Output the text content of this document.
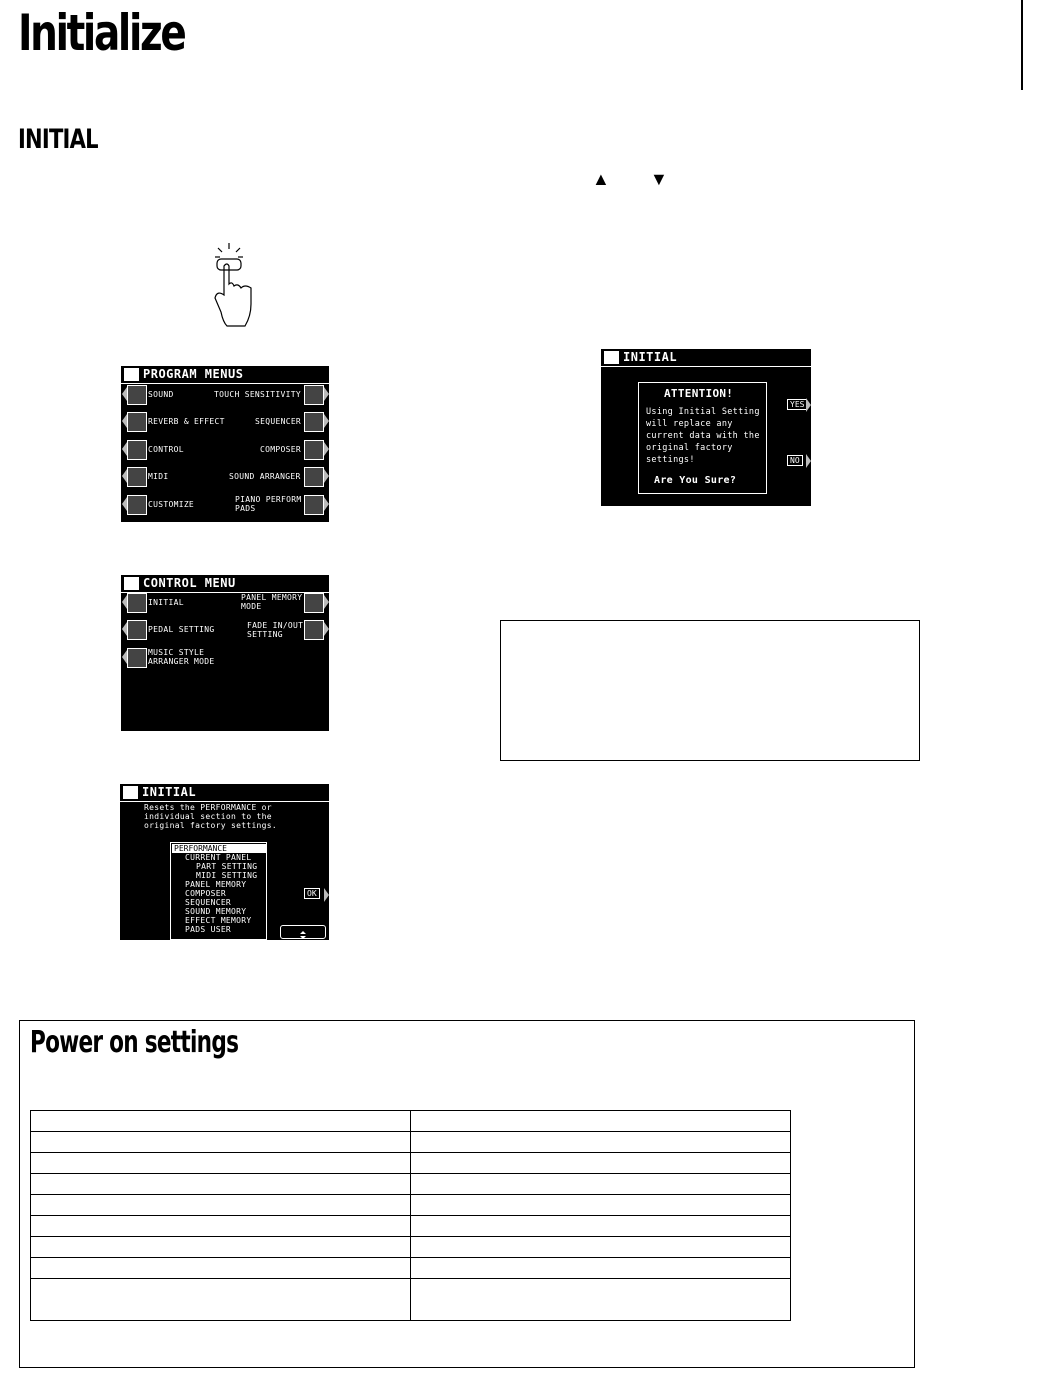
Initialize
INITIAL
▲ ▼
PROGRAM MENUS
SOUND
REVERB & EFFECT
CONTROL
MIDI
CUSTOMIZE
TOUCH SENSITIVITY
SEQUENCER
COMPOSER
SOUND ARRANGER
PIANO PERFORM
PADS
CONTROL MENU
INITIAL
PEDAL SETTING
MUSIC STYLE
ARRANGER MODE
PANEL MEMORY
MODE
FADE IN/OUT
SETTING
INITIAL
Resets the PERFORMANCE or
individual section to the
original factory settings.
PERFORMANCE
CURRENT PANEL
PART SETTING
MIDI SETTING
PANEL MEMORY
COMPOSER
SEQUENCER
SOUND MEMORY
EFFECT MEMORY
PADS USER
OK
INITIAL
ATTENTION!
Using Initial Setting
will replace any
current data with the
original factory
settings!
Are You Sure?
YES
NO
Power on settings
